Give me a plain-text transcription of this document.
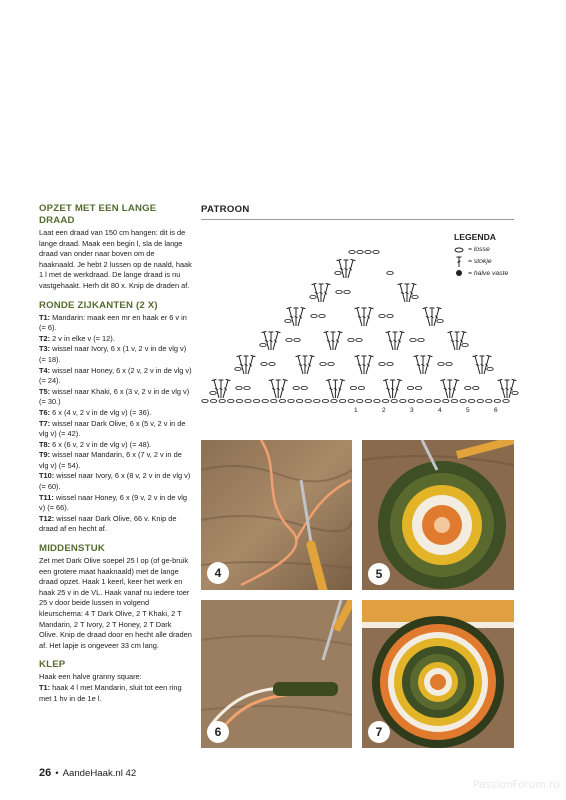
OPZET MET EEN LANGE DRAAD
Laat een draad van 150 cm hangen: dit is de lange draad. Maak een begin l, sla de lange draad van onder naar boven om de haaknaald. Je hebt 2 lussen op de naald, haak 1 l met de werkdraad. De lange draad is nu vastgehaakt. Herh dit 80 x. Knip de draden af.
RONDE ZIJKANTEN (2 X)
T1: Mandarin: maak een mr en haak er 6 v in (= 6).
T2: 2 v in elke v (= 12).
T3: wissel naar Ivory, 6 x (1 v, 2 v in de vlg v) (= 18).
T4: wissel naar Honey, 6 x (2 v, 2 v in de vlg v) (= 24).
T5: wissel naar Khaki, 6 x (3 v, 2 v in de vlg v) (= 30.)
T6: 6 x (4 v, 2 v in de vlg v) (= 36).
T7: wissel naar Dark Olive, 6 x (5 v, 2 v in de vlg v) (= 42).
T8: 6 x (6 v, 2 v in de vlg v) (= 48).
T9: wissel naar Mandarin, 6 x (7 v, 2 v in de vlg v) (= 54).
T10: wissel naar Ivory, 6 x (8 v, 2 v in de vlg v) (= 60).
T11: wissel naar Honey, 6 x (9 v, 2 v in de vlg v) (= 66).
T12: wissel naar Dark Olive, 66 v. Knip de draad af en hecht af.
MIDDENSTUK
Zet met Dark Olive soepel 25 l op (of ge-bruik een grotere maat haaknaald) met de lange draad opzet. Haak 1 keerl, keer het werk en haak 25 v in de VL. Haak vanaf nu iedere toer 25 v door beide lussen in volgend kleurschema: 4 T Dark Olive, 2 T Khaki, 2 T Mandarin, 2 T Ivory, 2 T Honey, 2 T Dark Olive. Knip de draad door en hecht alle draden af. Het lapje is ongeveer 33 cm lang.
KLEP
Haak een halve granny square:
T1: haak 4 l met Mandarin, sluit tot een ring met 1 hv in de 1e l.
PATROON
1	2	3	4	5	6
LEGENDA
= losse
= stokje
= halve vaste
4	5
6	7
26 • AandeHaak.nl 42
PassionForum.ru
